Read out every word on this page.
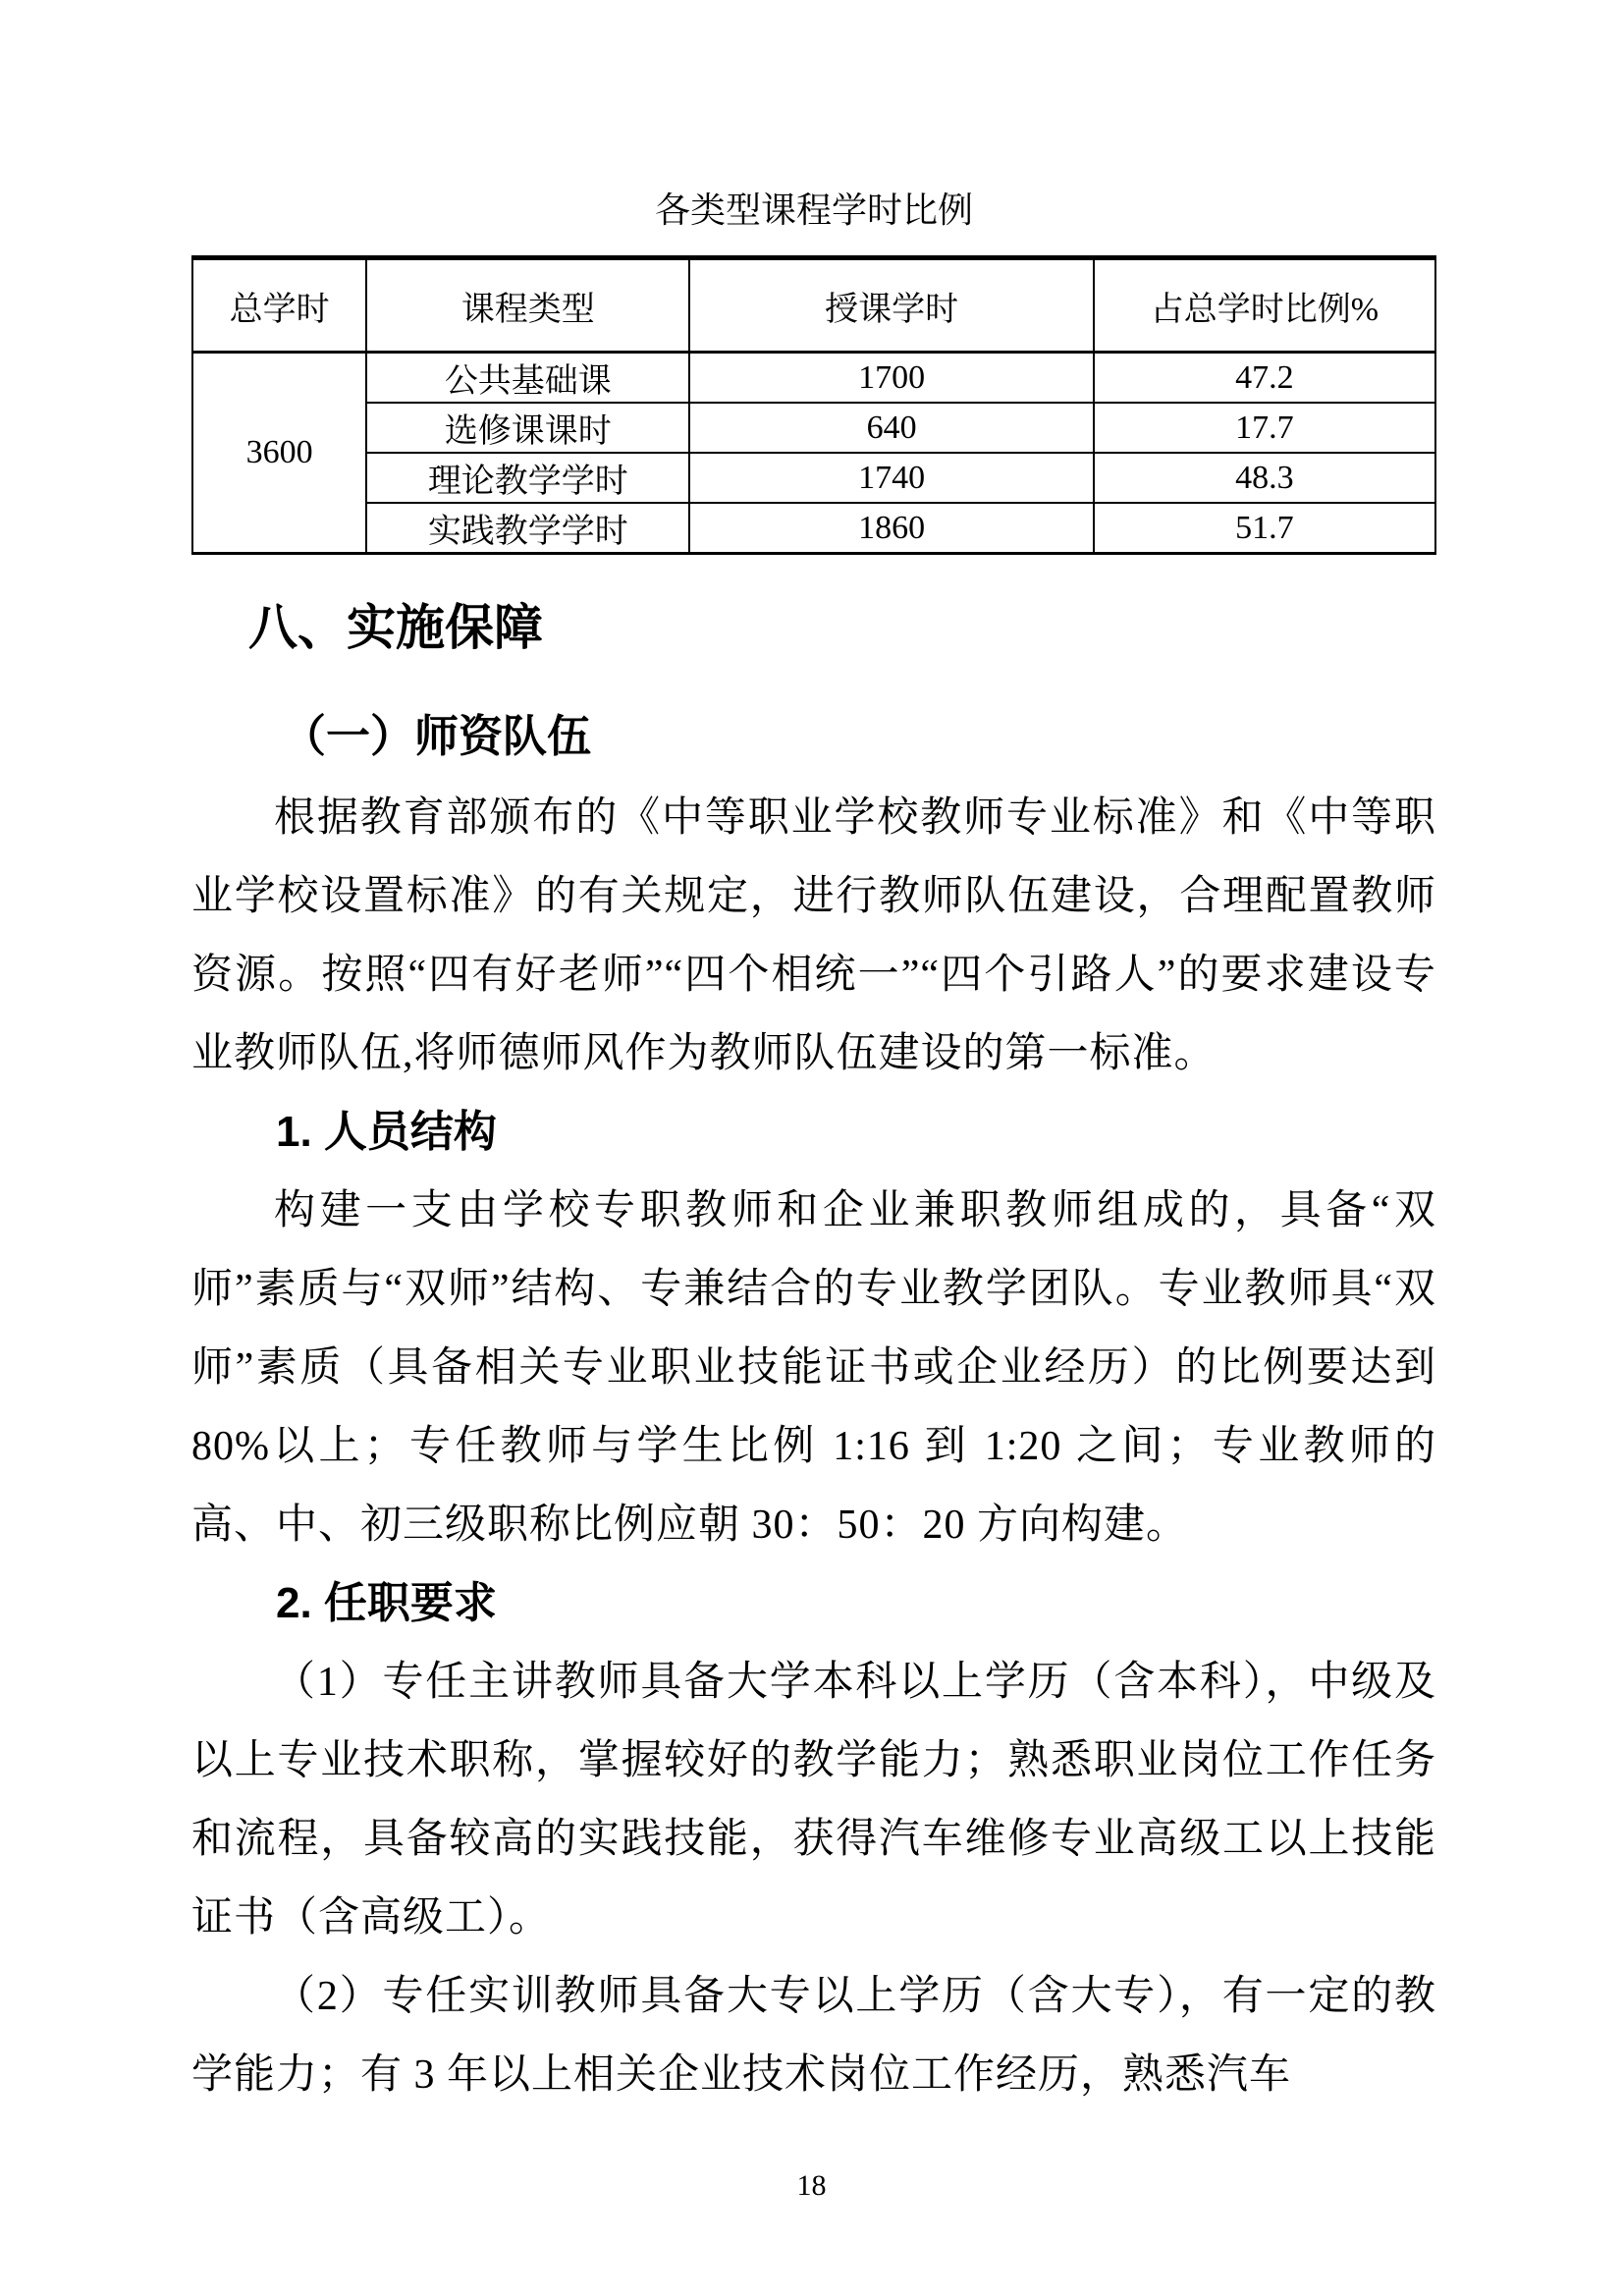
各类型课程学时比例
总学时	课程类型	授课学时	占总学时比例%
3600	公共基础课	1700	47.2
	选修课课时	640	17.7
	理论教学学时	1740	48.3
	实践教学学时	1860	51.7
八、实施保障
（一）师资队伍

根据教育部颁布的《中等职业学校教师专业标准》和《中等职业学校设置标准》的有关规定，进行教师队伍建设，合理配置教师资源。按照“四有好老师”“四个相统一”“四个引路人”的要求建设专业教师队伍,将师德师风作为教师队伍建设的第一标准。

1. 人员结构

构建一支由学校专职教师和企业兼职教师组成的，具备“双师”素质与“双师”结构、专兼结合的专业教学团队。专业教师具“双师”素质（具备相关专业职业技能证书或企业经历）的比例要达到 80%以上；专任教师与学生比例 1:16 到 1:20 之间；专业教师的高、中、初三级职称比例应朝 30：50：20 方向构建。

2. 任职要求

（1）专任主讲教师具备大学本科以上学历（含本科），中级及以上专业技术职称，掌握较好的教学能力；熟悉职业岗位工作任务和流程，具备较高的实践技能，获得汽车维修专业高级工以上技能证书（含高级工）。

（2）专任实训教师具备大专以上学历（含大专），有一定的教学能力；有 3 年以上相关企业技术岗位工作经历，熟悉汽车

18
